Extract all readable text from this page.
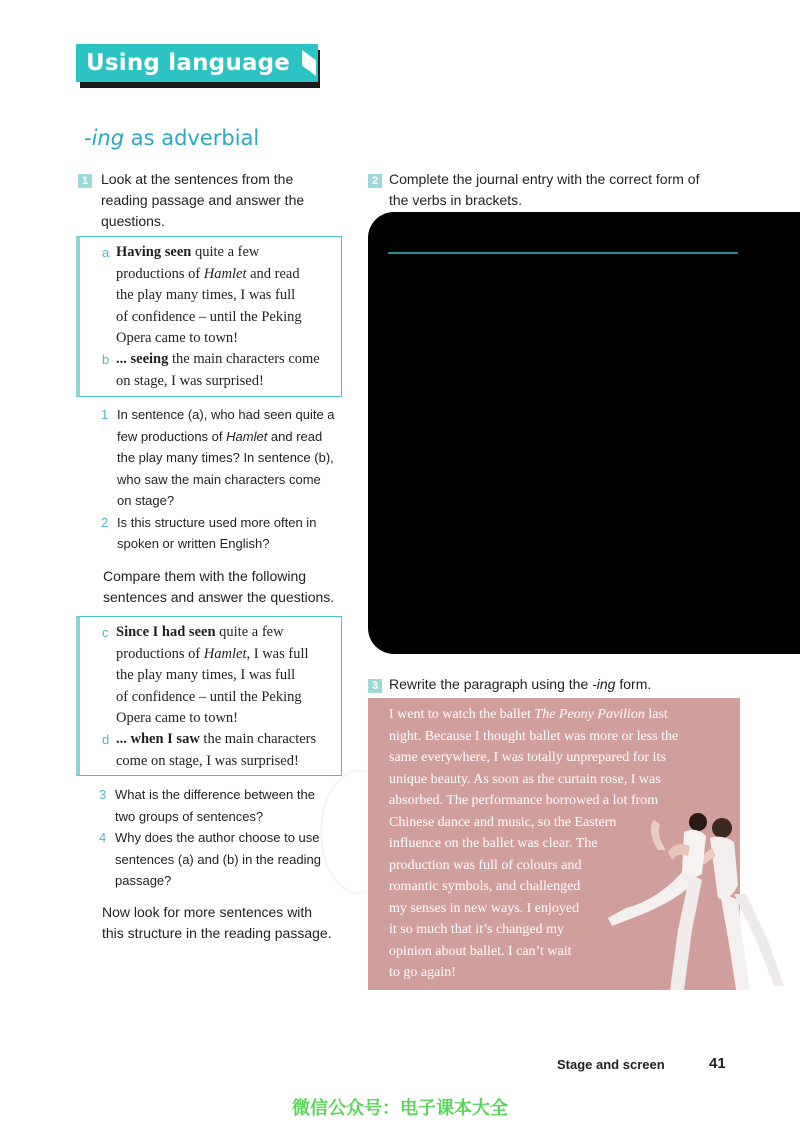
Using language
-ing as adverbial
1 Look at the sentences from the
reading passage and answer the
questions.
a Having seen quite a few
productions of Hamlet and read
the play many times, I was full
of confidence – until the Peking
Opera came to town!
b ... seeing the main characters come
on stage, I was surprised!
1 In sentence (a), who had seen quite a
few productions of Hamlet and read
the play many times? In sentence (b),
who saw the main characters come
on stage?
2 Is this structure used more often in
spoken or written English?
Compare them with the following
sentences and answer the questions.
c Since I had seen quite a few
productions of Hamlet, I was full
the play many times, I was full
of confidence – until the Peking
Opera came to town!
d ... when I saw the main characters
come on stage, I was surprised!
3 What is the difference between the
two groups of sentences?
4 Why does the author choose to use
sentences (a) and (b) in the reading
passage?
Now look for more sentences with
this structure in the reading passage.
2 Complete the journal entry with the correct form of
the verbs in brackets.
3 Rewrite the paragraph using the -ing form.
I went to watch the ballet The Peony Pavilion last
night. Because I thought ballet was more or less the
same everywhere, I was totally unprepared for its
unique beauty. As soon as the curtain rose, I was
absorbed. The performance borrowed a lot from
Chinese dance and music, so the Eastern
influence on the ballet was clear. The
production was full of colours and
romantic symbols, and challenged
my senses in new ways. I enjoyed
it so much that it’s changed my
opinion about ballet. I can’t wait
to go again!
Stage and screen	41
微信公众号：电子课本大全
